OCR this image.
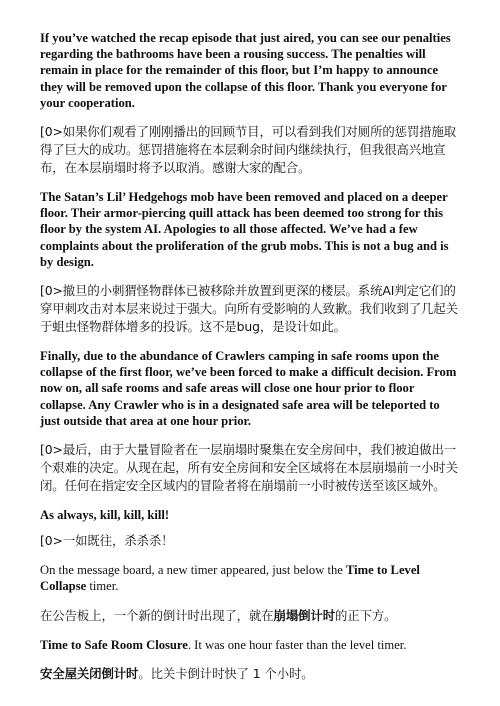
If you’ve watched the recap episode that just aired, you can see our penalties regarding the bathrooms have been a rousing success. The penalties will remain in place for the remainder of this floor, but I’m happy to announce they will be removed upon the collapse of this floor. Thank you everyone for your cooperation.

[0>如果你们观看了刚刚播出的回顾节目，可以看到我们对厕所的惩罚措施取得了巨大的成功。惩罚措施将在本层剩余时间内继续执行，但我很高兴地宣布，在本层崩塌时将予以取消。感谢大家的配合。

The Satan’s Lil’ Hedgehogs mob have been removed and placed on a deeper floor. Their armor-piercing quill attack has been deemed too strong for this floor by the system AI. Apologies to all those affected. We’ve had a few complaints about the proliferation of the grub mobs. This is not a bug and is by design.

[0>撤旦的小刺猬怪物群体已被移除并放置到更深的楼层。系统AI判定它们的穿甲刺攻击对本层来说过于强大。向所有受影响的人致歉。我们收到了几起关于蛆虫怪物群体增多的投诉。这不是bug，是设计如此。

Finally, due to the abundance of Crawlers camping in safe rooms upon the collapse of the first floor, we’ve been forced to make a difficult decision. From now on, all safe rooms and safe areas will close one hour prior to floor collapse. Any Crawler who is in a designated safe area will be teleported to just outside that area at one hour prior.

[0>最后，由于大量冒险者在一层崩塌时聚集在安全房间中，我们被迫做出一个艰难的决定。从现在起，所有安全房间和安全区域将在本层崩塌前一小时关闭。任何在指定安全区域内的冒险者将在崩塌前一小时被传送至该区域外。

As always, kill, kill, kill!

[0>一如既往，杀杀杀！

On the message board, a new timer appeared, just below the Time to Level Collapse timer.

在公告板上，一个新的倒计时出现了，就在崩塌倒计时的正下方。

Time to Safe Room Closure. It was one hour faster than the level timer.

安全屋关闭倒计时。比关卡倒计时快了 1 个小时。
